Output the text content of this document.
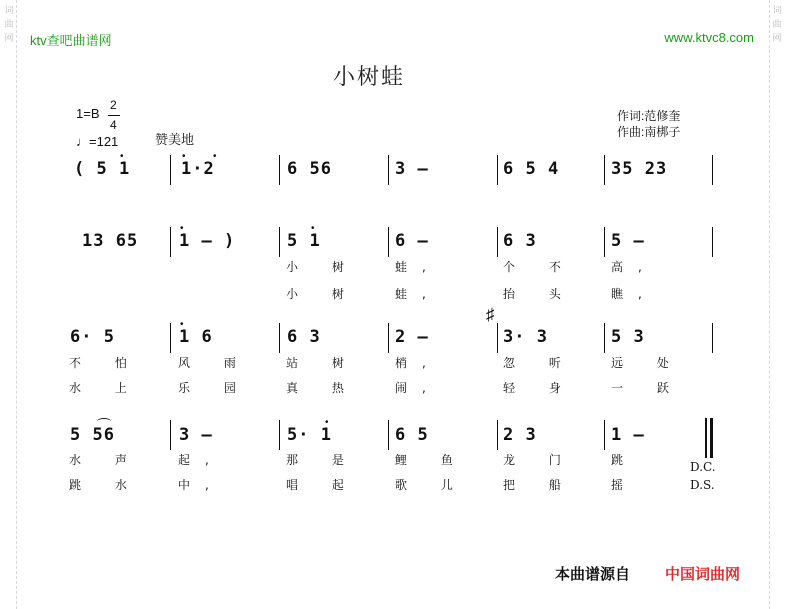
词
曲
网
词
曲
网
ktv查吧曲谱网	www.ktvc8.com
小树蛙
1=B
2
4
♩=121	赞美地
作词:范修奎
作曲:南梆子
( 5 1	1·2	6 56	3 –	6 5 4	35 23
•	•	•
13 65 1 – )	5 1	6 –	6 3	5 –
•	•
小 树	蛙,	个 不	高,
小 树	蛙,	抬 头	瞧,
♯
6· 5	1 6	6 3	2 –	3· 3	5 3
•
不 怕	风 雨	站 树	梢,	忽 听	远 处
水 上	乐 园	真 热	闹,	轻 身	一 跃
5 56	3 –	5· 1	6 5	2 3	1 –
•
水 声	起,	那 是	鲤 鱼	龙 门	跳
跳 水	中,	唱 起	歌 儿	把 船	摇
D.C.
D.S.
本曲谱源自 中国词曲网
